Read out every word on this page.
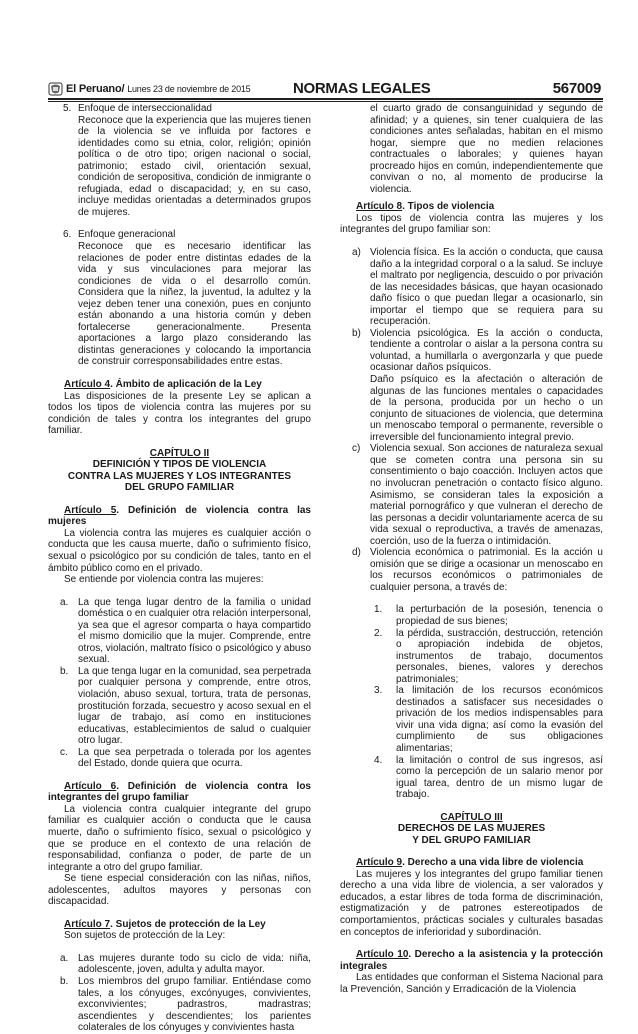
El Peruano/ Lunes 23 de noviembre de 2015	NORMAS LEGALES	567009
5. Enfoque de interseccionalidad
Reconoce que la experiencia que las mujeres tienen de la violencia se ve influida por factores e identidades como su etnia, color, religión; opinión política o de otro tipo; origen nacional o social, patrimonio; estado civil, orientación sexual, condición de seropositiva, condición de inmigrante o refugiada, edad o discapacidad; y, en su caso, incluye medidas orientadas a determinados grupos de mujeres.
6. Enfoque generacional
Reconoce que es necesario identificar las relaciones de poder entre distintas edades de la vida y sus vinculaciones para mejorar las condiciones de vida o el desarrollo común. Considera que la niñez, la juventud, la adultez y la vejez deben tener una conexión, pues en conjunto están abonando a una historia común y deben fortalecerse generacionalmente. Presenta aportaciones a largo plazo considerando las distintas generaciones y colocando la importancia de construir corresponsabilidades entre estas.

Artículo 4. Ámbito de aplicación de la Ley

Las disposiciones de la presente Ley se aplican a todos los tipos de violencia contra las mujeres por su condición de tales y contra los integrantes del grupo familiar.

CAPÍTULO II

DEFINICIÓN Y TIPOS DE VIOLENCIA

CONTRA LAS MUJERES Y LOS INTEGRANTES

DEL GRUPO FAMILIAR

Artículo 5. Definición de violencia contra las mujeres

La violencia contra las mujeres es cualquier acción o conducta que les causa muerte, daño o sufrimiento físico, sexual o psicológico por su condición de tales, tanto en el ámbito público como en el privado.

Se entiende por violencia contra las mujeres:

a. La que tenga lugar dentro de la familia o unidad doméstica o en cualquier otra relación interpersonal, ya sea que el agresor comparta o haya compartido el mismo domicilio que la mujer. Comprende, entre otros, violación, maltrato físico o psicológico y abuso sexual.
b. La que tenga lugar en la comunidad, sea perpetrada por cualquier persona y comprende, entre otros, violación, abuso sexual, tortura, trata de personas, prostitución forzada, secuestro y acoso sexual en el lugar de trabajo, así como en instituciones educativas, establecimientos de salud o cualquier otro lugar.
c. La que sea perpetrada o tolerada por los agentes del Estado, donde quiera que ocurra.

Artículo 6. Definición de violencia contra los integrantes del grupo familiar

La violencia contra cualquier integrante del grupo familiar es cualquier acción o conducta que le causa muerte, daño o sufrimiento físico, sexual o psicológico y que se produce en el contexto de una relación de responsabilidad, confianza o poder, de parte de un integrante a otro del grupo familiar.

Se tiene especial consideración con las niñas, niños, adolescentes, adultos mayores y personas con discapacidad.

Artículo 7. Sujetos de protección de la Ley

Son sujetos de protección de la Ley:

a. Las mujeres durante todo su ciclo de vida: niña, adolescente, joven, adulta y adulta mayor.
b. Los miembros del grupo familiar. Entiéndase como tales, a los cónyuges, excónyuges, convivientes, exconvivientes; padrastros, madrastras; ascendientes y descendientes; los parientes colaterales de los cónyuges y convivientes hasta

el cuarto grado de consanguinidad y segundo de afinidad; y a quienes, sin tener cualquiera de las condiciones antes señaladas, habitan en el mismo hogar, siempre que no medien relaciones contractuales o laborales; y quienes hayan procreado hijos en común, independientemente que convivan o no, al momento de producirse la violencia.

Artículo 8. Tipos de violencia

Los tipos de violencia contra las mujeres y los integrantes del grupo familiar son:

a) Violencia física. Es la acción o conducta, que causa daño a la integridad corporal o a la salud. Se incluye el maltrato por negligencia, descuido o por privación de las necesidades básicas, que hayan ocasionado daño físico o que puedan llegar a ocasionarlo, sin importar el tiempo que se requiera para su recuperación.
b) Violencia psicológica. Es la acción o conducta, tendiente a controlar o aislar a la persona contra su voluntad, a humillarla o avergonzarla y que puede ocasionar daños psíquicos.
Daño psíquico es la afectación o alteración de algunas de las funciones mentales o capacidades de la persona, producida por un hecho o un conjunto de situaciones de violencia, que determina un menoscabo temporal o permanente, reversible o irreversible del funcionamiento integral previo.
c) Violencia sexual. Son acciones de naturaleza sexual que se cometen contra una persona sin su consentimiento o bajo coacción. Incluyen actos que no involucran penetración o contacto físico alguno. Asimismo, se consideran tales la exposición a material pornográfico y que vulneran el derecho de las personas a decidir voluntariamente acerca de su vida sexual o reproductiva, a través de amenazas, coerción, uso de la fuerza o intimidación.
d) Violencia económica o patrimonial. Es la acción u omisión que se dirige a ocasionar un menoscabo en los recursos económicos o patrimoniales de cualquier persona, a través de:
1. la perturbación de la posesión, tenencia o propiedad de sus bienes;
2. la pérdida, sustracción, destrucción, retención o apropiación indebida de objetos, instrumentos de trabajo, documentos personales, bienes, valores y derechos patrimoniales;
3. la limitación de los recursos económicos destinados a satisfacer sus necesidades o privación de los medios indispensables para vivir una vida digna; así como la evasión del cumplimiento de sus obligaciones alimentarias;
4. la limitación o control de sus ingresos, así como la percepción de un salario menor por igual tarea, dentro de un mismo lugar de trabajo.

CAPÍTULO III

DERECHOS DE LAS MUJERES

Y DEL GRUPO FAMILIAR

Artículo 9. Derecho a una vida libre de violencia

Las mujeres y los integrantes del grupo familiar tienen derecho a una vida libre de violencia, a ser valorados y educados, a estar libres de toda forma de discriminación, estigmatización y de patrones estereotipados de comportamientos, prácticas sociales y culturales basadas en conceptos de inferioridad y subordinación.

Artículo 10. Derecho a la asistencia y la protección integrales

Las entidades que conforman el Sistema Nacional para la Prevención, Sanción y Erradicación de la Violencia
